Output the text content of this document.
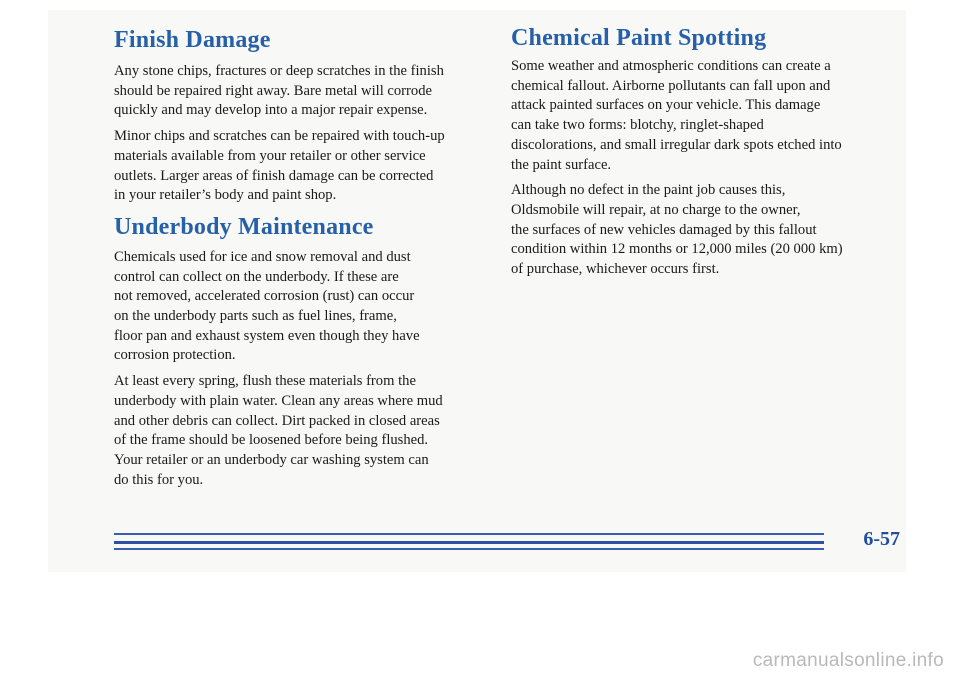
Finish Damage

Any stone chips, fractures or deep scratches in the finish
should be repaired right away. Bare metal will corrode
quickly and may develop into a major repair expense.

Minor chips and scratches can be repaired with touch-up
materials available from your retailer or other service
outlets. Larger areas of finish damage can be corrected
in your retailer’s body and paint shop.

Underbody Maintenance

Chemicals used for ice and snow removal and dust
control can collect on the underbody. If these are
not removed, accelerated corrosion (rust) can occur
on the underbody parts such as fuel lines, frame,
floor pan and exhaust system even though they have
corrosion protection.

At least every spring, flush these materials from the
underbody with plain water. Clean any areas where mud
and other debris can collect. Dirt packed in closed areas
of the frame should be loosened before being flushed.
Your retailer or an underbody car washing system can
do this for you.

Chemical Paint Spotting

Some weather and atmospheric conditions can create a
chemical fallout. Airborne pollutants can fall upon and
attack painted surfaces on your vehicle. This damage
can take two forms: blotchy, ringlet-shaped
discolorations, and small irregular dark spots etched into
the paint surface.

Although no defect in the paint job causes this,
Oldsmobile will repair, at no charge to the owner,
the surfaces of new vehicles damaged by this fallout
condition within 12 months or 12,000 miles (20 000 km)
of purchase, whichever occurs first.

6-57
carmanualsonline.info
